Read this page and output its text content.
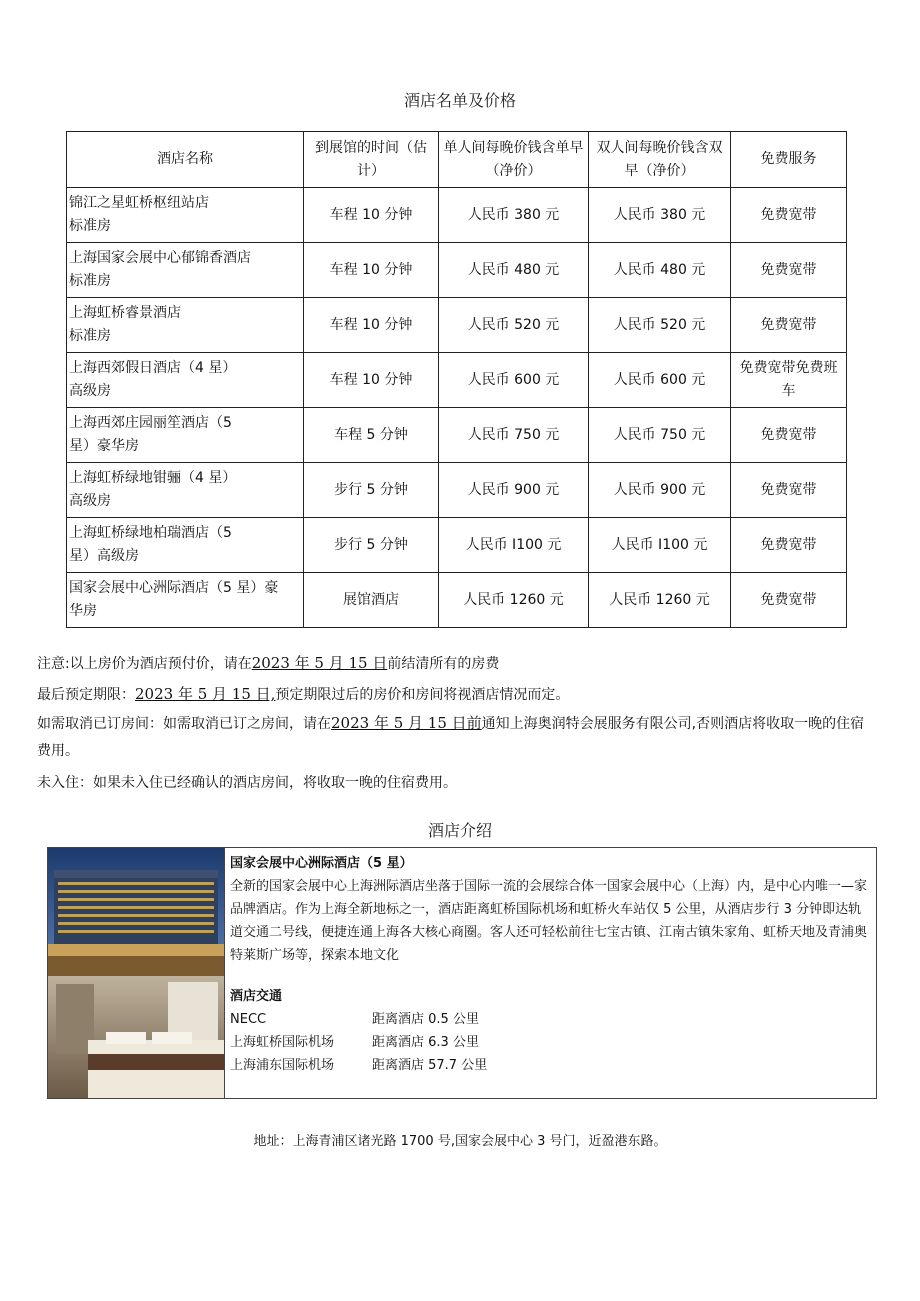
酒店名单及价格
酒店名称	到展馆的时间（估计）	单人间每晚价钱含单早（净价）	双人间每晚价钱含双早（净价）	免费服务

锦江之星虹桥枢纽站店
标准房	车程 10 分钟	人民币 380 元	人民币 380 元	免费宽带

上海国家会展中心郁锦香酒店
标准房	车程 10 分钟	人民币 480 元	人民币 480 元	免费宽带

上海虹桥睿景酒店
标准房	车程 10 分钟	人民币 520 元	人民币 520 元	免费宽带

上海西郊假日酒店（4 星）
高级房	车程 10 分钟	人民币 600 元	人民币 600 元	免费宽带免费班车

上海西郊庄园丽笙酒店（5
星）豪华房	车程 5 分钟	人民币 750 元	人民币 750 元	免费宽带

上海虹桥绿地钳骊（4 星）
高级房	步行 5 分钟	人民币 900 元	人民币 900 元	免费宽带

上海虹桥绿地柏瑞酒店（5
星）高级房	步行 5 分钟	人民币 I100 元	人民币 I100 元	免费宽带

国家会展中心洲际酒店（5 星）豪
华房	展馆酒店	人民币 1260 元	人民币 1260 元	免费宽带

注意:以上房价为酒店预付价，请在2023 年 5 月 15 日前结清所有的房费

最后预定期限：2023 年 5 月 15 日,预定期限过后的房价和房间将视酒店情况而定。

如需取消已订房间：如需取消已订之房间，请在2023 年 5 月 15 日前通知上海奥润特会展服务有限公司,否则酒店将收取一晚的住宿费用。

未入住：如果未入住已经确认的酒店房间，将收取一晚的住宿费用。

酒店介绍
国家会展中心洲际酒店（5 星）

全新的国家会展中心上海洲际酒店坐落于国际一流的会展综合体一国家会展中心（上海）内，是中心内唯一—家品牌酒店。作为上海全新地标之一，酒店距离虹桥国际机场和虹桥火车站仅 5 公里，从酒店步行 3 分钟即达轨道交通二号线，便捷连通上海各大核心商圈。客人还可轻松前往七宝古镇、江南古镇朱家角、虹桥天地及青浦奥特莱斯广场等，探索本地文化

酒店交通
NECC	距离酒店 0.5 公里
上海虹桥国际机场	距离酒店 6.3 公里
上海浦东国际机场	距离酒店 57.7 公里
地址：上海青浦区诸光路 1700 号,国家会展中心 3 号门，近盈港东路。
